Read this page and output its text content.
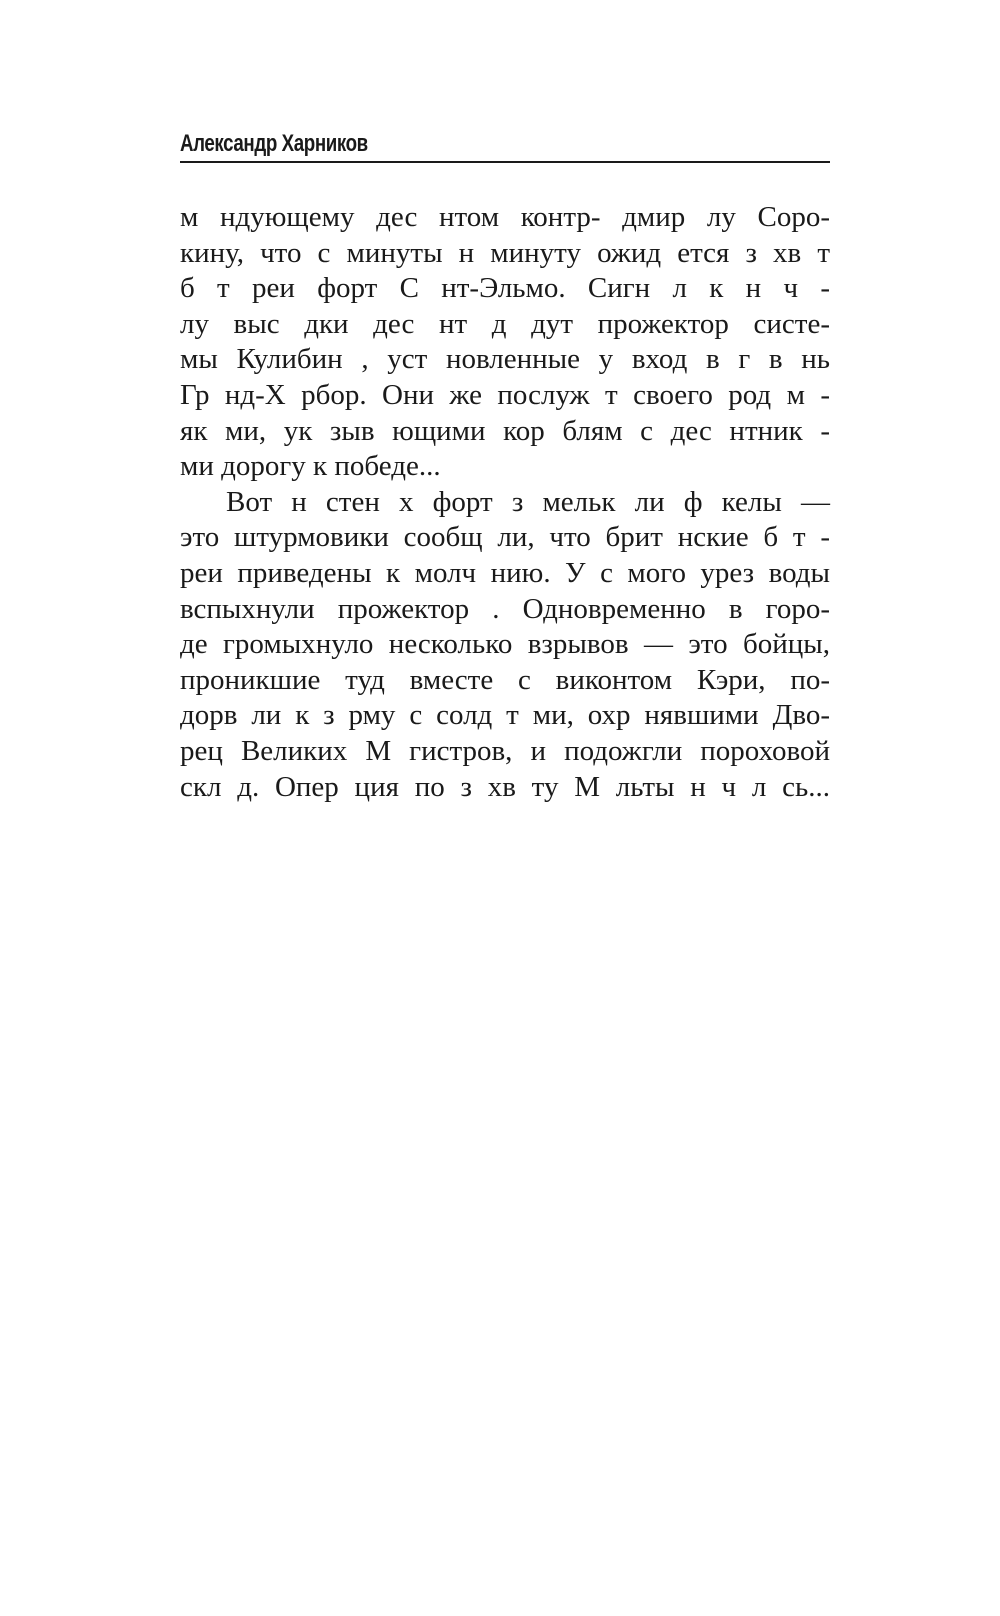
Александр Харников
м ндующему дес нтом контр- дмир лу Соро-
кину, что с минуты н минуту ожид ется з хв т
б т реи форт С нт-Эльмо. Сигн л к н ч -
лу выс дки дес нт д дут прожектор систе-
мы Кулибин , уст новленные у вход в г в нь
Гр нд-Х рбор. Они же послуж т своего род м -
як ми, ук зыв ющими кор блям с дес нтник -
ми дорогу к победе...
Вот н стен х форт з мельк ли ф келы —
это штурмовики сообщ ли, что брит нские б т -
реи приведены к молч нию. У с мого урез воды
вспыхнули прожектор . Одновременно в горо-
де громыхнуло несколько взрывов — это бойцы,
проникшие туд вместе с виконтом Кэри, по-
дорв ли к з рму с солд т ми, охр нявшими Дво-
рец Великих М гистров, и подожгли пороховой
скл д. Опер ция по з хв ту М льты н ч л сь...
